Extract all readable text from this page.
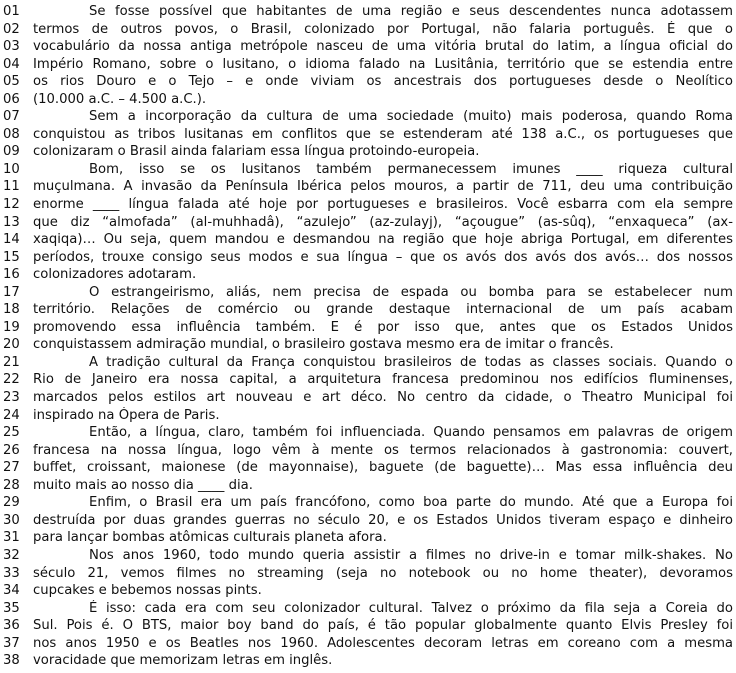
01	Se fosse possível que habitantes de uma região e seus descendentes nunca adotassem
02	termos de outros povos, o Brasil, colonizado por Portugal, não falaria português. É que o
03	vocabulário da nossa antiga metrópole nasceu de uma vitória brutal do latim, a língua oficial do
04	Império Romano, sobre o lusitano, o idioma falado na Lusitânia, território que se estendia entre
05	os rios Douro e o Tejo – e onde viviam os ancestrais dos portugueses desde o Neolítico
06	(10.000 a.C. – 4.500 a.C.).
07	Sem a incorporação da cultura de uma sociedade (muito) mais poderosa, quando Roma
08	conquistou as tribos lusitanas em conflitos que se estenderam até 138 a.C., os portugueses que
09	colonizaram o Brasil ainda falariam essa língua protoindo-europeia.
10	Bom, isso se os lusitanos também permanecessem imunes ____ riqueza cultural
11	muçulmana. A invasão da Península Ibérica pelos mouros, a partir de 711, deu uma contribuição
12	enorme ____ língua falada até hoje por portugueses e brasileiros. Você esbarra com ela sempre
13	que diz “almofada” (al-muhhadâ), “azulejo” (az-zulayj), “açougue” (as-sûq), “enxaqueca” (ax-
14	xaqiqa)… Ou seja, quem mandou e desmandou na região que hoje abriga Portugal, em diferentes
15	períodos, trouxe consigo seus modos e sua língua – que os avós dos avós dos avós… dos nossos
16	colonizadores adotaram.
17	O estrangeirismo, aliás, nem precisa de espada ou bomba para se estabelecer num
18	território. Relações de comércio ou grande destaque internacional de um país acabam
19	promovendo essa influência também. E é por isso que, antes que os Estados Unidos
20	conquistassem admiração mundial, o brasileiro gostava mesmo era de imitar o francês.
21	A tradição cultural da França conquistou brasileiros de todas as classes sociais. Quando o
22	Rio de Janeiro era nossa capital, a arquitetura francesa predominou nos edifícios fluminenses,
23	marcados pelos estilos art nouveau e art déco. No centro da cidade, o Theatro Municipal foi
24	inspirado na Ópera de Paris.
25	Então, a língua, claro, também foi influenciada. Quando pensamos em palavras de origem
26	francesa na nossa língua, logo vêm à mente os termos relacionados à gastronomia: couvert,
27	buffet, croissant, maionese (de mayonnaise), baguete (de baguette)… Mas essa influência deu
28	muito mais ao nosso dia ____ dia.
29	Enfim, o Brasil era um país francófono, como boa parte do mundo. Até que a Europa foi
30	destruída por duas grandes guerras no século 20, e os Estados Unidos tiveram espaço e dinheiro
31	para lançar bombas atômicas culturais planeta afora.
32	Nos anos 1960, todo mundo queria assistir a filmes no drive-in e tomar milk-shakes. No
33	século 21, vemos filmes no streaming (seja no notebook ou no home theater), devoramos
34	cupcakes e bebemos nossas pints.
35	É isso: cada era com seu colonizador cultural. Talvez o próximo da fila seja a Coreia do
36	Sul. Pois é. O BTS, maior boy band do país, é tão popular globalmente quanto Elvis Presley foi
37	nos anos 1950 e os Beatles nos 1960. Adolescentes decoram letras em coreano com a mesma
38	voracidade que memorizam letras em inglês.
